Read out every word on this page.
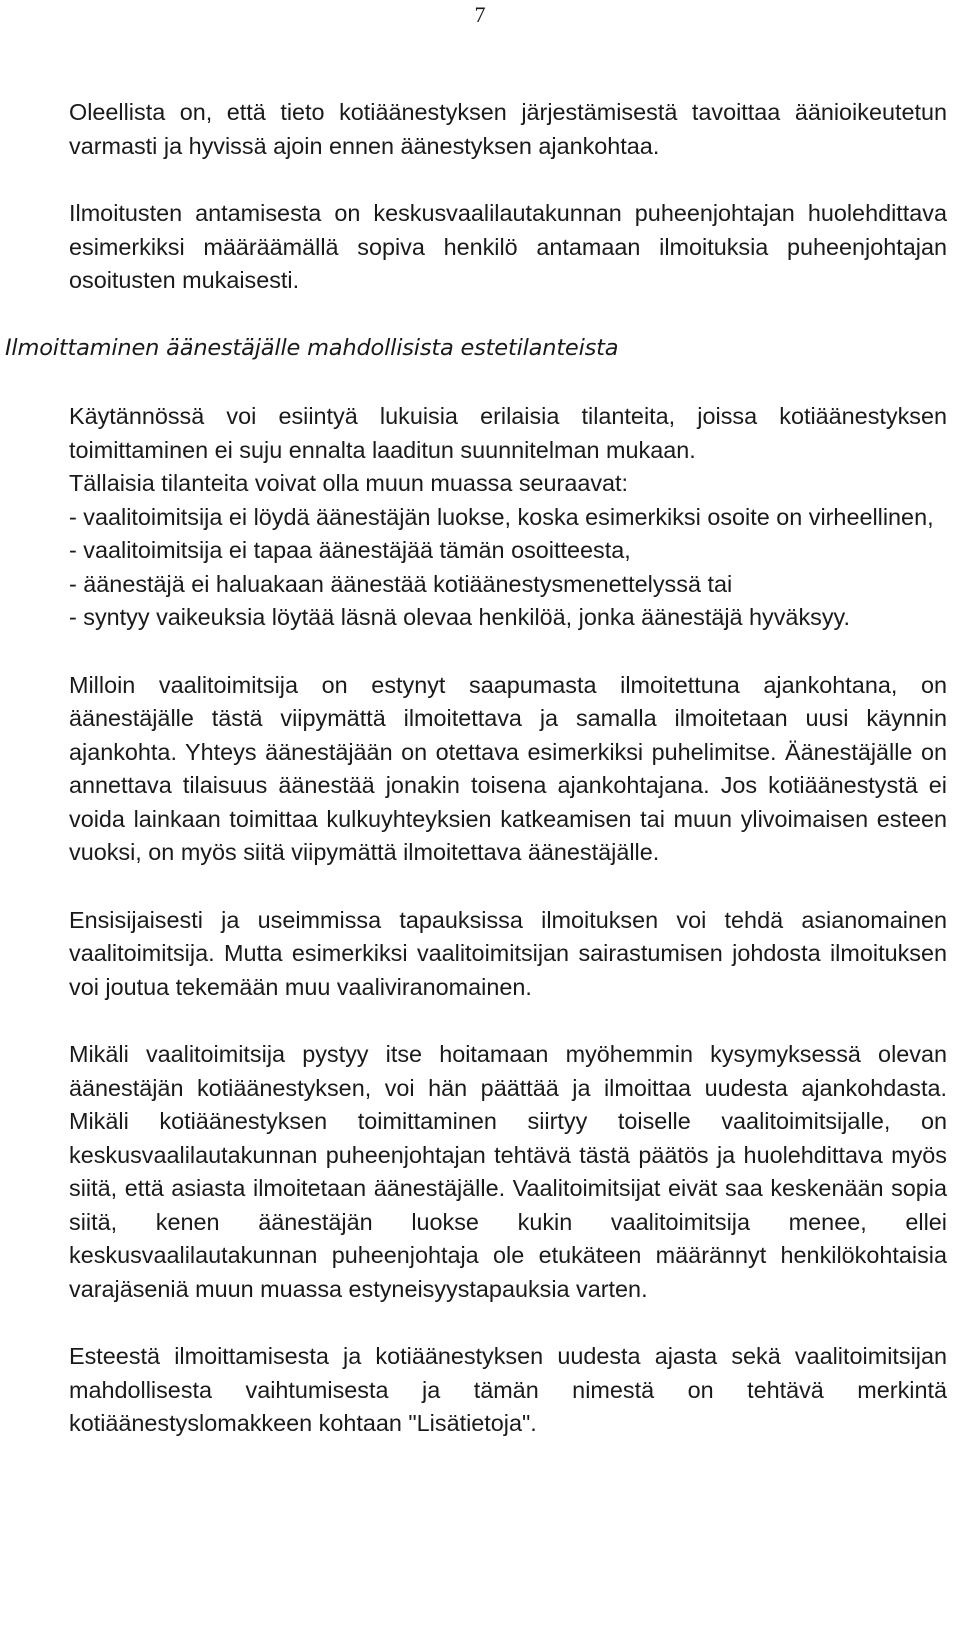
7

Oleellista on, että tieto kotiäänestyksen järjestämisestä tavoittaa äänioikeutetun varmasti ja hyvissä ajoin ennen äänestyksen ajankohtaa.

Ilmoitusten antamisesta on keskusvaalilautakunnan puheenjohtajan huolehdittava esimerkiksi määräämällä sopiva henkilö antamaan ilmoituksia puheenjohtajan osoitusten mukaisesti.

Ilmoittaminen äänestäjälle mahdollisista estetilanteista

Käytännössä voi esiintyä lukuisia erilaisia tilanteita, joissa kotiäänestyksen toimittaminen ei suju ennalta laaditun suunnitelman mukaan.

Tällaisia tilanteita voivat olla muun muassa seuraavat:

- vaalitoimitsija ei löydä äänestäjän luokse, koska esimerkiksi osoite on virheellinen,

- vaalitoimitsija ei tapaa äänestäjää tämän osoitteesta,

- äänestäjä ei haluakaan äänestää kotiäänestysmenettelyssä tai

- syntyy vaikeuksia löytää läsnä olevaa henkilöä, jonka äänestäjä hyväksyy.

Milloin vaalitoimitsija on estynyt saapumasta ilmoitettuna ajankohtana, on äänestäjälle tästä viipymättä ilmoitettava ja samalla ilmoitetaan uusi käynnin ajankohta. Yhteys äänestäjään on otettava esimerkiksi puhelimitse. Äänestäjälle on annettava tilaisuus äänestää jonakin toisena ajankohtajana. Jos kotiäänestystä ei voida lainkaan toimittaa kulkuyhteyksien katkeamisen tai muun ylivoimaisen esteen vuoksi, on myös siitä viipymättä ilmoitettava äänestäjälle.

Ensisijaisesti ja useimmissa tapauksissa ilmoituksen voi tehdä asianomainen vaalitoimitsija. Mutta esimerkiksi vaalitoimitsijan sairastumisen johdosta ilmoituksen voi joutua tekemään muu vaaliviranomainen.

Mikäli vaalitoimitsija pystyy itse hoitamaan myöhemmin kysymyksessä olevan äänestäjän kotiäänestyksen, voi hän päättää ja ilmoittaa uudesta ajankohdasta. Mikäli kotiäänestyksen toimittaminen siirtyy toiselle vaalitoimitsijalle, on keskusvaalilautakunnan puheenjohtajan tehtävä tästä päätös ja huolehdittava myös siitä, että asiasta ilmoitetaan äänestäjälle. Vaalitoimitsijat eivät saa keskenään sopia siitä, kenen äänestäjän luokse kukin vaalitoimitsija menee, ellei keskusvaalilautakunnan puheenjohtaja ole etukäteen määrännyt henkilökohtaisia varajäseniä muun muassa estyneisyystapauksia varten.

Esteestä ilmoittamisesta ja kotiäänestyksen uudesta ajasta sekä vaalitoimitsijan mahdollisesta vaihtumisesta ja tämän nimestä on tehtävä merkintä kotiäänestyslomakkeen kohtaan "Lisätietoja".
